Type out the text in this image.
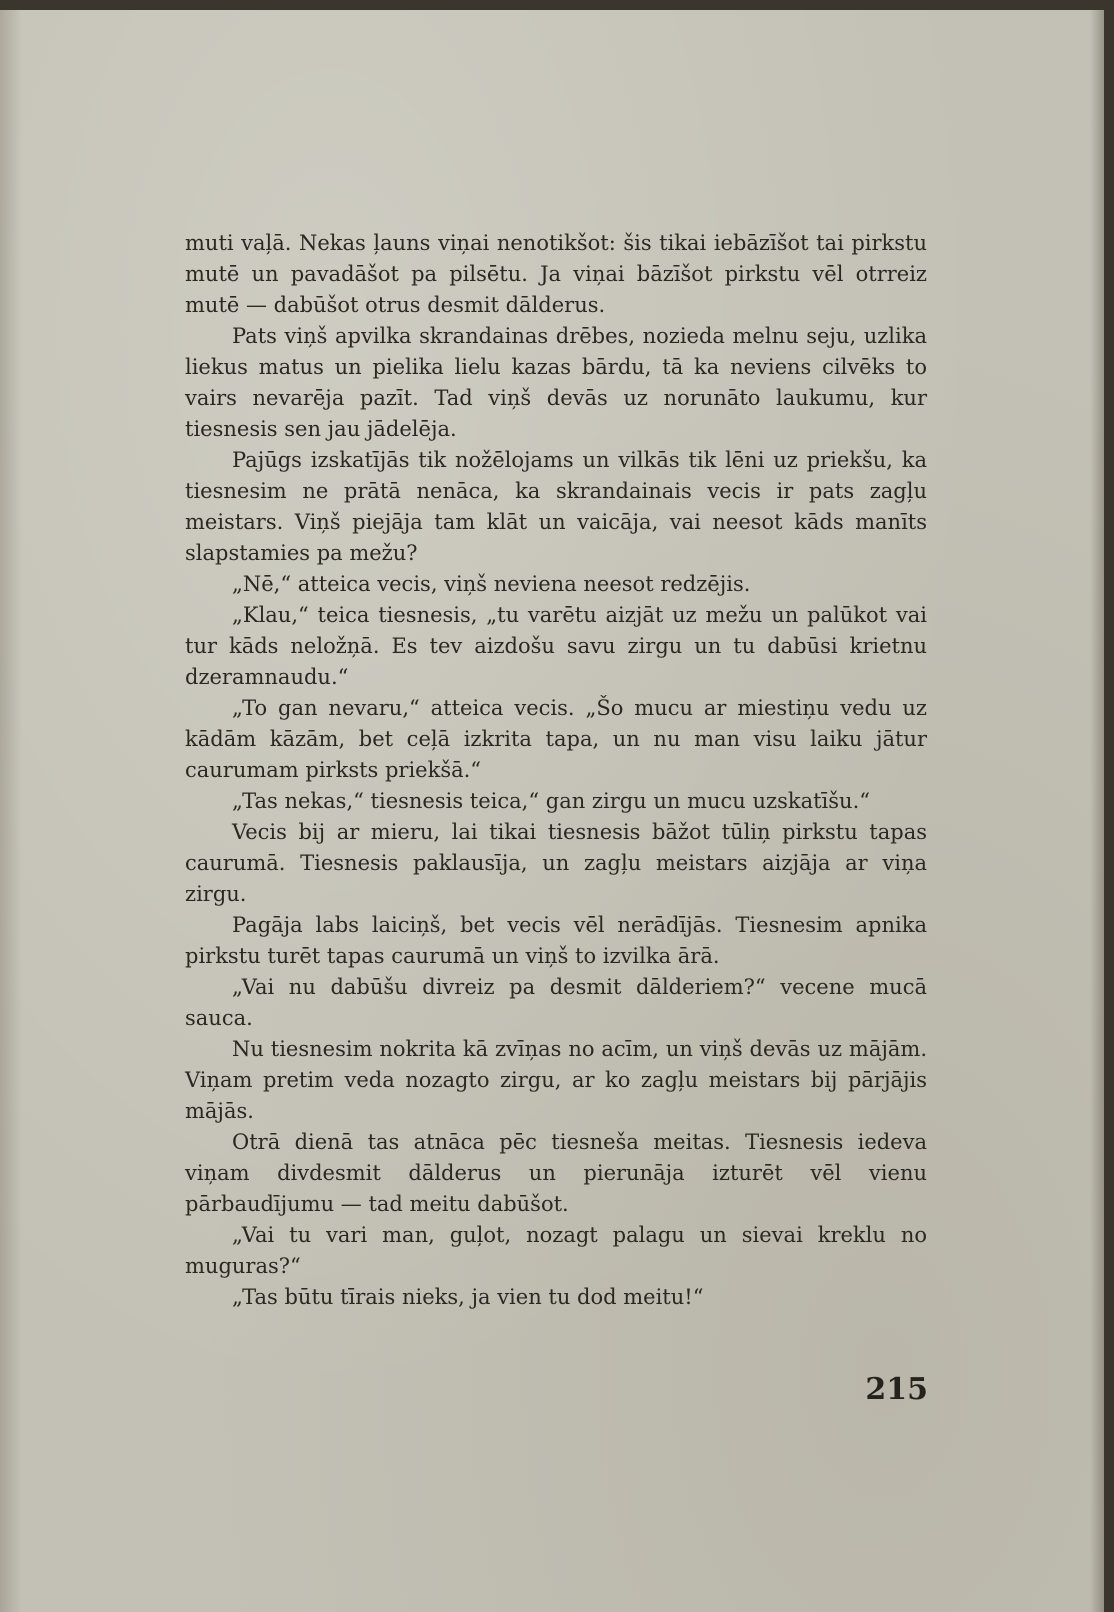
muti vaļā. Nekas ļauns viņai nenotikšot: šis tikai iebāzīšot tai pirkstu mutē un pavadāšot pa pilsētu. Ja viņai bāzīšot pirkstu vēl otrreiz mutē — dabūšot otrus desmit dālderus.

Pats viņš apvilka skrandainas drēbes, nozieda melnu seju, uzlika liekus matus un pielika lielu kazas bārdu, tā ka neviens cilvēks to vairs nevarēja pazīt. Tad viņš devās uz norunāto laukumu, kur tiesnesis sen jau jādelēja.

Pajūgs izskatījās tik nožēlojams un vilkās tik lēni uz priekšu, ka tiesnesim ne prātā nenāca, ka skrandainais vecis ir pats zagļu meistars. Viņš piejāja tam klāt un vaicāja, vai neesot kāds manīts slapstamies pa mežu?

„Nē,“ atteica vecis, viņš neviena neesot redzējis.

„Klau,“ teica tiesnesis, „tu varētu aizjāt uz mežu un palūkot vai tur kāds neložņā. Es tev aizdošu savu zirgu un tu dabūsi krietnu dzeramnaudu.“

„To gan nevaru,“ atteica vecis. „Šo mucu ar miestiņu vedu uz kādām kāzām, bet ceļā izkrita tapa, un nu man visu laiku jātur caurumam pirksts priekšā.“

„Tas nekas,“ tiesnesis teica,“ gan zirgu un mucu uzskatīšu.“

Vecis bij ar mieru, lai tikai tiesnesis bāžot tūliņ pirkstu tapas caurumā. Tiesnesis paklausīja, un zagļu meistars aizjāja ar viņa zirgu.

Pagāja labs laiciņš, bet vecis vēl nerādījās. Tiesnesim apnika pirkstu turēt tapas caurumā un viņš to izvilka ārā.

„Vai nu dabūšu divreiz pa desmit dālderiem?“ vecene mucā sauca.

Nu tiesnesim nokrita kā zvīņas no acīm, un viņš devās uz mājām. Viņam pretim veda nozagto zirgu, ar ko zagļu meistars bij pārjājis mājās.

Otrā dienā tas atnāca pēc tiesneša meitas. Tiesnesis iedeva viņam divdesmit dālderus un pierunāja izturēt vēl vienu pārbaudījumu — tad meitu dabūšot.

„Vai tu vari man, guļot, nozagt palagu un sievai kreklu no muguras?“

„Tas būtu tīrais nieks, ja vien tu dod meitu!“

215
